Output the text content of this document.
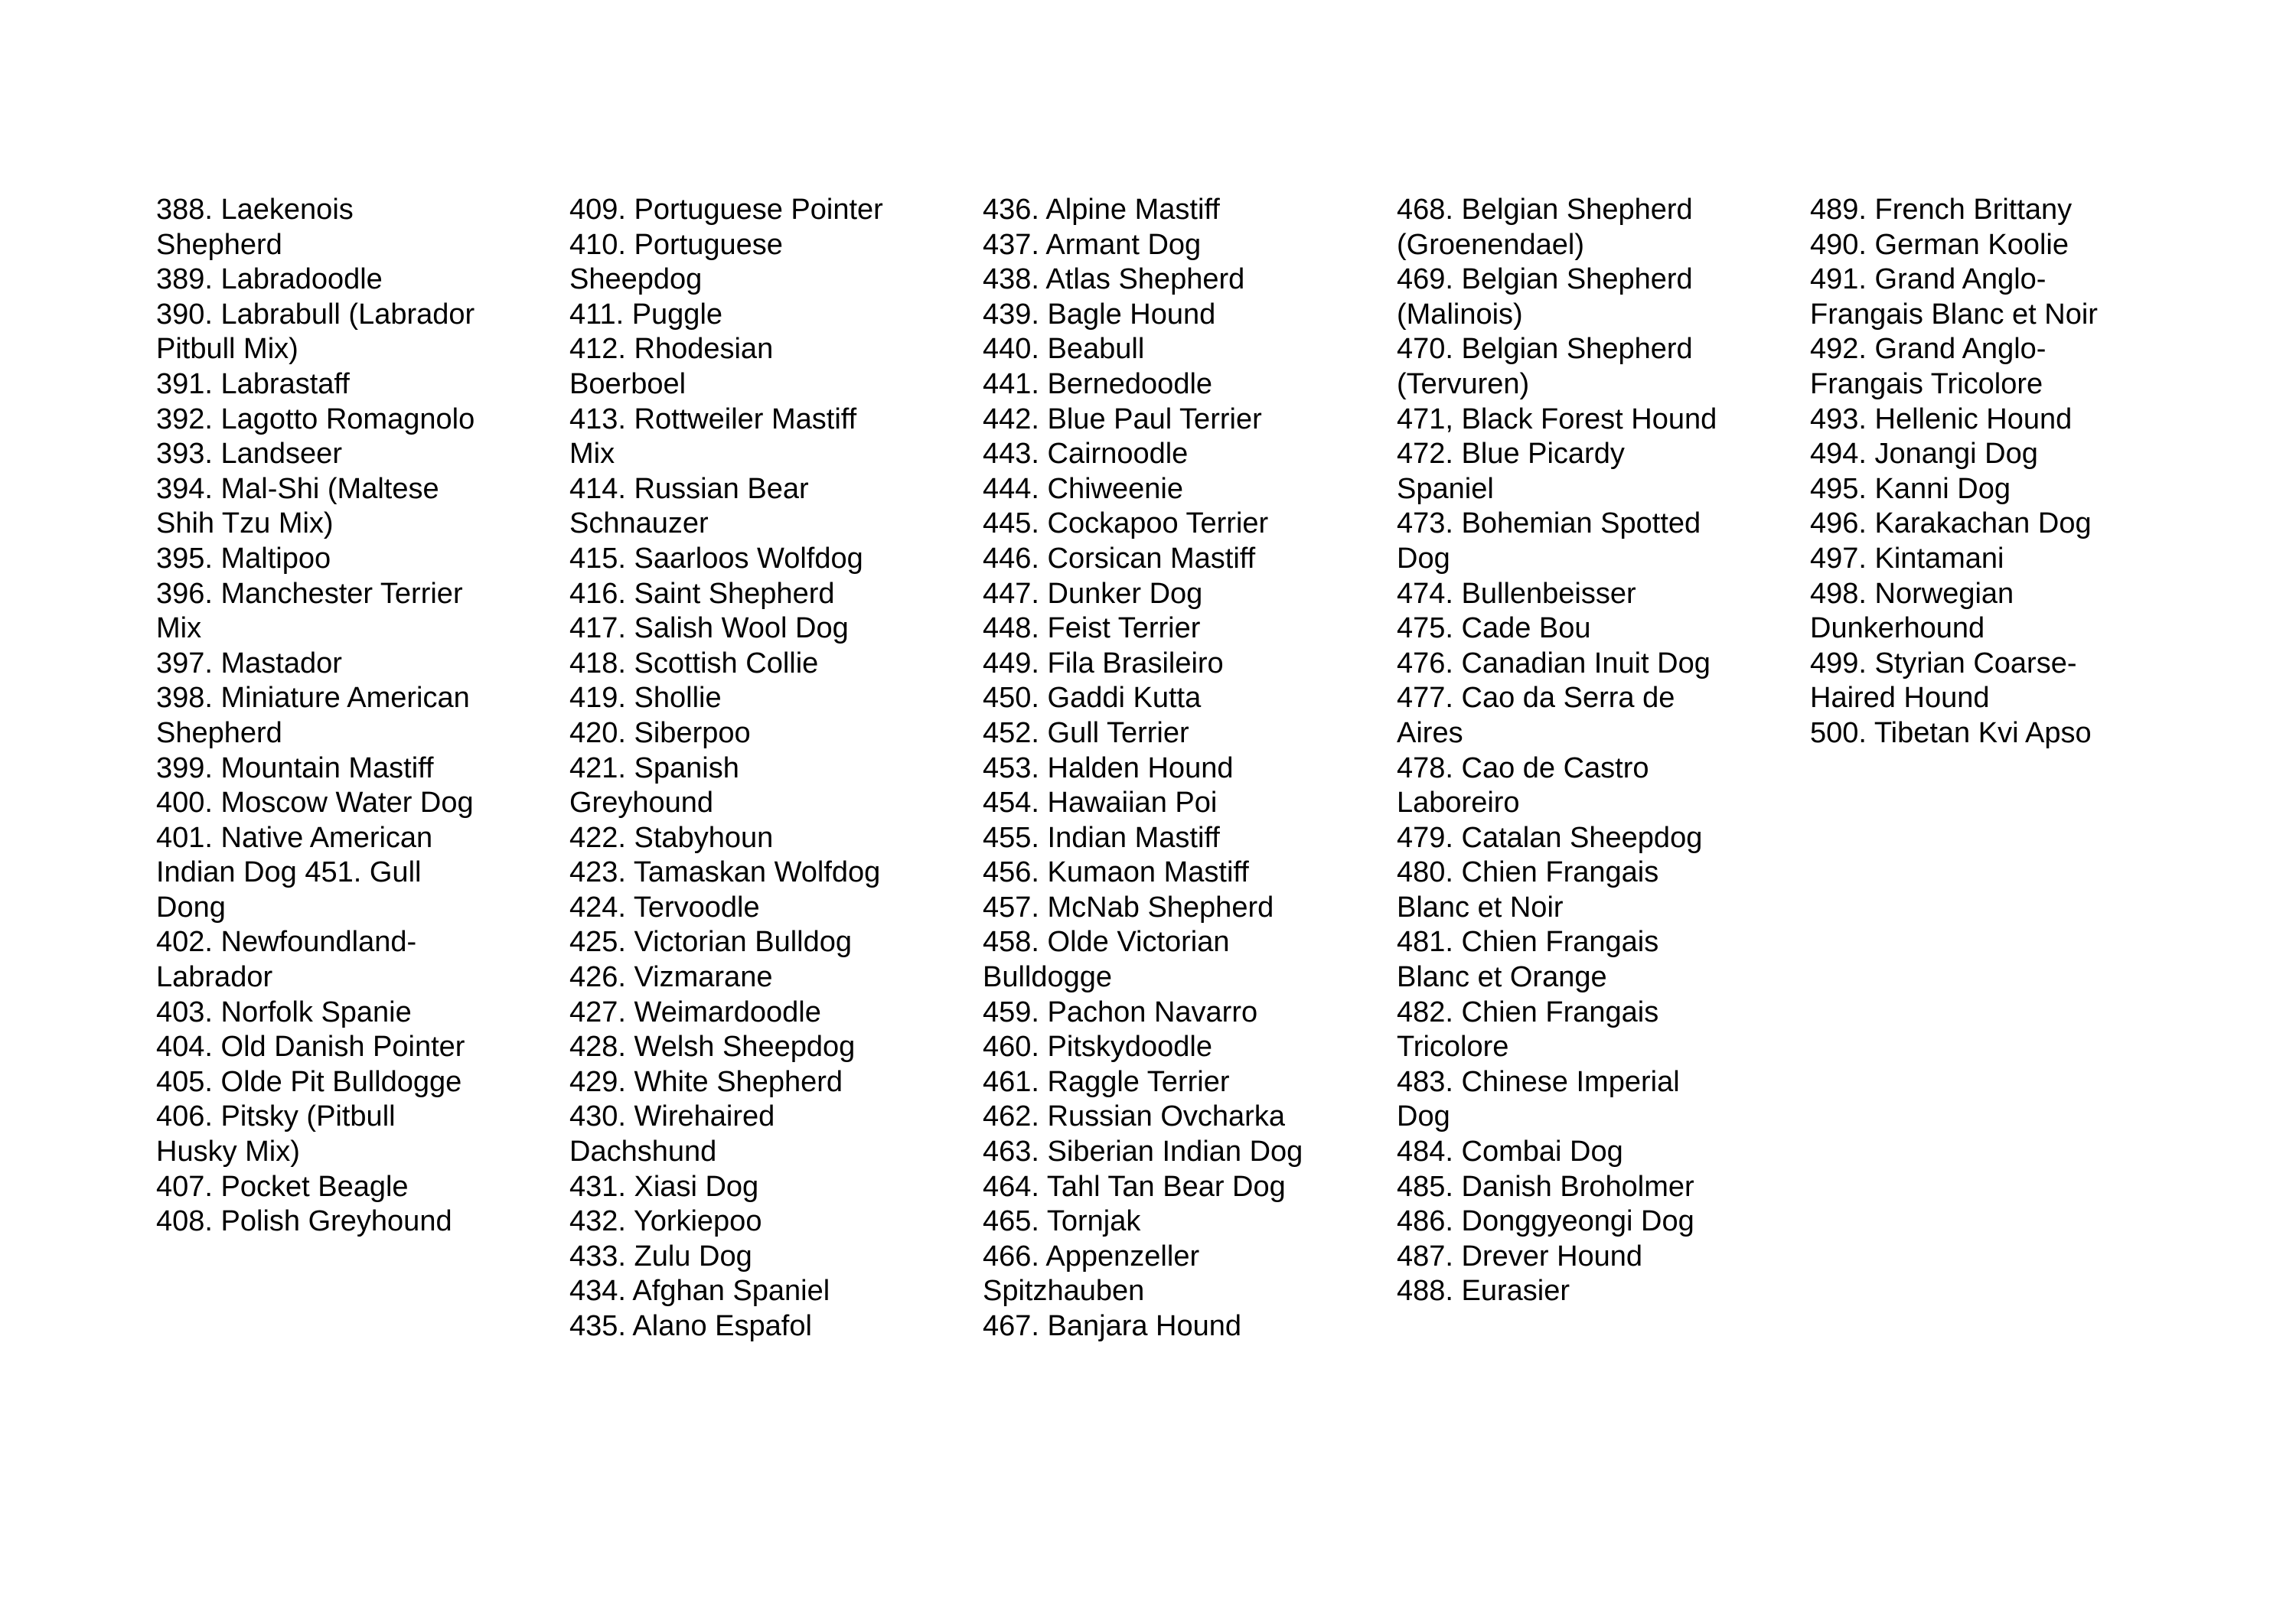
388. Laekenois Shepherd
389. Labradoodle
390. Labrabull (Labrador Pitbull Mix)
391. Labrastaff
392. Lagotto Romagnolo
393. Landseer
394. Mal-Shi (Maltese Shih Tzu Mix)
395. Maltipoo
396. Manchester Terrier Mix
397. Mastador
398. Miniature American Shepherd
399. Mountain Mastiff
400. Moscow Water Dog
401. Native American Indian Dog 451. Gull Dong
402. Newfoundland-Labrador
403. Norfolk Spanie
404. Old Danish Pointer
405. Olde Pit Bulldogge
406. Pitsky (Pitbull Husky Mix)
407. Pocket Beagle
408. Polish Greyhound
409. Portuguese Pointer
410. Portuguese Sheepdog
411. Puggle
412. Rhodesian Boerboel
413. Rottweiler Mastiff Mix
414. Russian Bear Schnauzer
415. Saarloos Wolfdog
416. Saint Shepherd
417. Salish Wool Dog
418. Scottish Collie
419. Shollie
420. Siberpoo
421. Spanish Greyhound
422. Stabyhoun
423. Tamaskan Wolfdog
424. Tervoodle
425. Victorian Bulldog
426. Vizmarane
427. Weimardoodle
428. Welsh Sheepdog
429. White Shepherd
430. Wirehaired Dachshund
431. Xiasi Dog
432. Yorkiepoo
433. Zulu Dog
434. Afghan Spaniel
435. Alano Espafol
436. Alpine Mastiff
437. Armant Dog
438. Atlas Shepherd
439. Bagle Hound
440. Beabull
441. Bernedoodle
442. Blue Paul Terrier
443. Cairnoodle
444. Chiweenie
445. Cockapoo Terrier
446. Corsican Mastiff
447. Dunker Dog
448. Feist Terrier
449. Fila Brasileiro
450. Gaddi Kutta
452. Gull Terrier
453. Halden Hound
454. Hawaiian Poi
455. Indian Mastiff
456. Kumaon Mastiff
457. McNab Shepherd
458. Olde Victorian Bulldogge
459. Pachon Navarro
460. Pitskydoodle
461. Raggle Terrier
462. Russian Ovcharka
463. Siberian Indian Dog
464. Tahl Tan Bear Dog
465. Tornjak
466. Appenzeller Spitzhauben
467. Banjara Hound
468. Belgian Shepherd (Groenendael)
469. Belgian Shepherd (Malinois)
470. Belgian Shepherd (Tervuren)
471, Black Forest Hound
472. Blue Picardy Spaniel
473. Bohemian Spotted Dog
474. Bullenbeisser
475. Cade Bou
476. Canadian Inuit Dog
477. Cao da Serra de Aires
478. Cao de Castro Laboreiro
479. Catalan Sheepdog
480. Chien Frangais Blanc et Noir
481. Chien Frangais Blanc et Orange
482. Chien Frangais Tricolore
483. Chinese Imperial Dog
484. Combai Dog
485. Danish Broholmer
486. Donggyeongi Dog
487. Drever Hound
488. Eurasier
489. French Brittany
490. German Koolie
491. Grand Anglo-Frangais Blanc et Noir
492. Grand Anglo-Frangais Tricolore
493. Hellenic Hound
494. Jonangi Dog
495. Kanni Dog
496. Karakachan Dog
497. Kintamani
498. Norwegian Dunkerhound
499. Styrian Coarse-Haired Hound
500. Tibetan Kvi Apso
